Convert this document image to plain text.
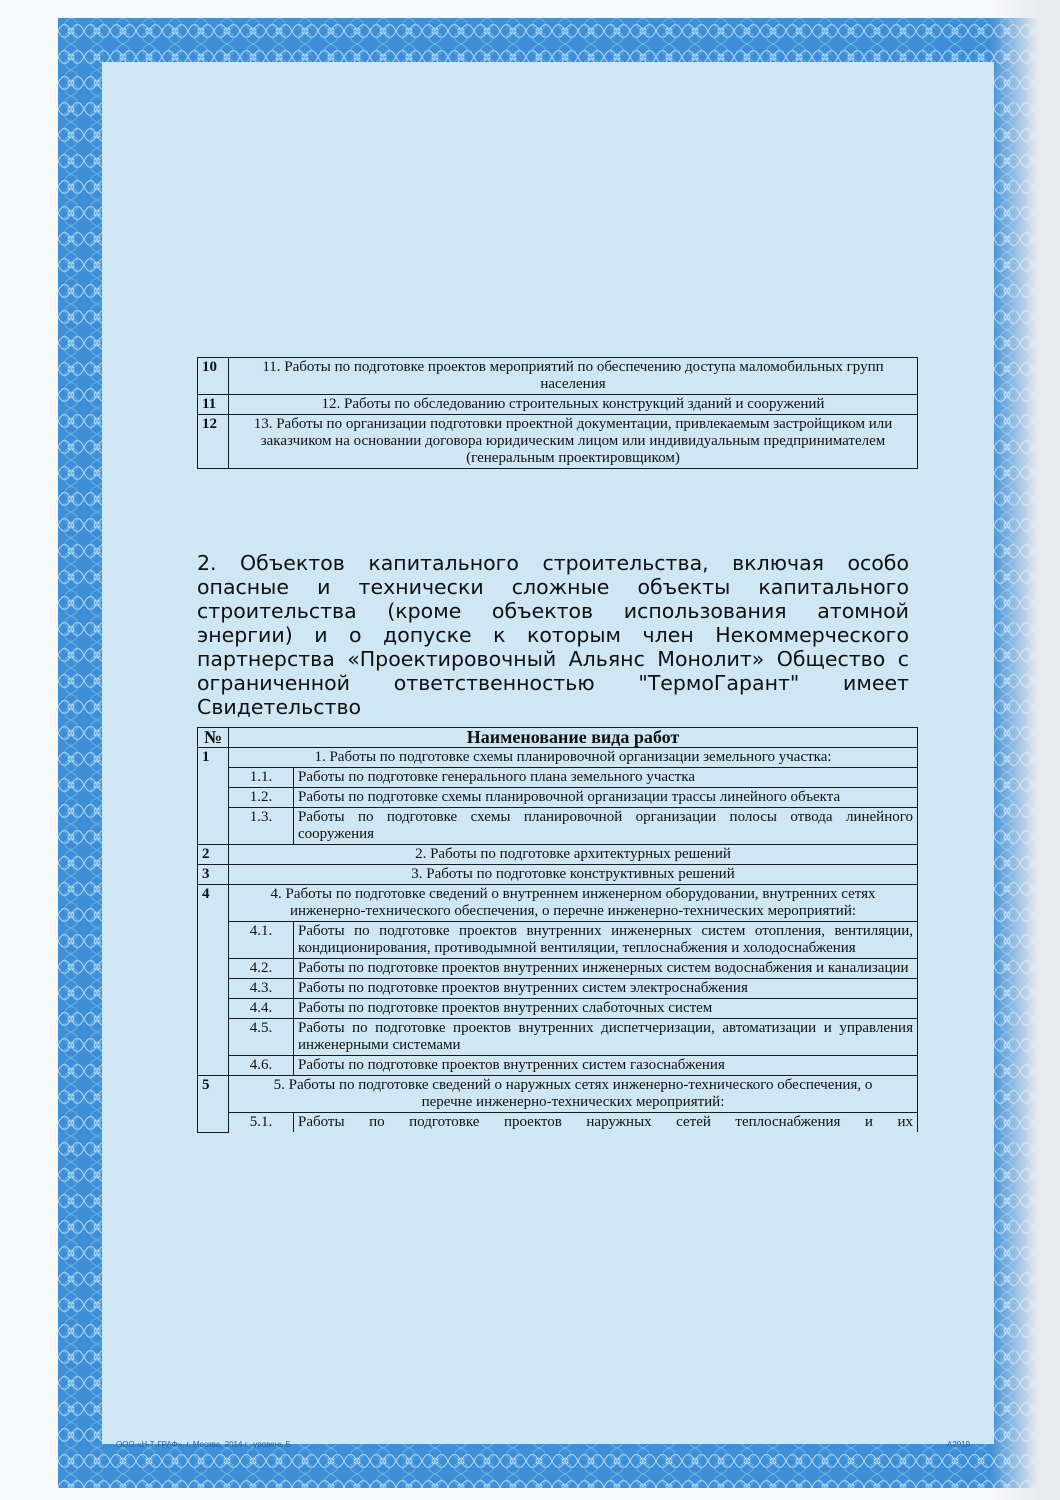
10	11. Работы по подготовке проектов мероприятий по обеспечению доступа маломобильных групп населения
11	12. Работы по обследованию строительных конструкций зданий и сооружений
12	13. Работы по организации подготовки проектной документации, привлекаемым застройщиком или заказчиком на основании договора юридическим лицом или индивидуальным предпринимателем (генеральным проектировщиком)
2. Объектов капитального строительства, включая особо опасные и технически сложные объекты капитального строительства (кроме объектов использования атомной энергии) и о допуске к которым член Некоммерческого партнерства «Проектировочный Альянс Монолит» Общество с ограниченной ответственностью "ТермоГарант" имеет Свидетельство
№	Наименование вида работ	
1	1. Работы по подготовке схемы планировочной организации земельного участка:	
	1.1.	Работы по подготовке генерального плана земельного участка
	1.2.	Работы по подготовке схемы планировочной организации трассы линейного объекта
	1.3.	Работы по подготовке схемы планировочной организации полосы отвода линейного сооружения
2	2. Работы по подготовке архитектурных решений	
3	3. Работы по подготовке конструктивных решений	
4	4. Работы по подготовке сведений о внутреннем инженерном оборудовании, внутренних сетях инженерно-технического обеспечения, о перечне инженерно-технических мероприятий:	
	4.1.	Работы по подготовке проектов внутренних инженерных систем отопления, вентиляции, кондиционирования, противодымной вентиляции, теплоснабжения и холодоснабжения
	4.2.	Работы по подготовке проектов внутренних инженерных систем водоснабжения и канализации
	4.3.	Работы по подготовке проектов внутренних систем электроснабжения
	4.4.	Работы по подготовке проектов внутренних слаботочных систем
	4.5.	Работы по подготовке проектов внутренних диспетчеризации, автоматизации и управления инженерными системами
	4.6.	Работы по подготовке проектов внутренних систем газоснабжения
5	5. Работы по подготовке сведений о наружных сетях инженерно-технического обеспечения, о перечне инженерно-технических мероприятий:	
	5.1.	Работы по подготовке проектов наружных сетей теплоснабжения и их
ООО «Н-Т-ГРАФ», г. Москва, 2014 г., уровень Б	А2919
